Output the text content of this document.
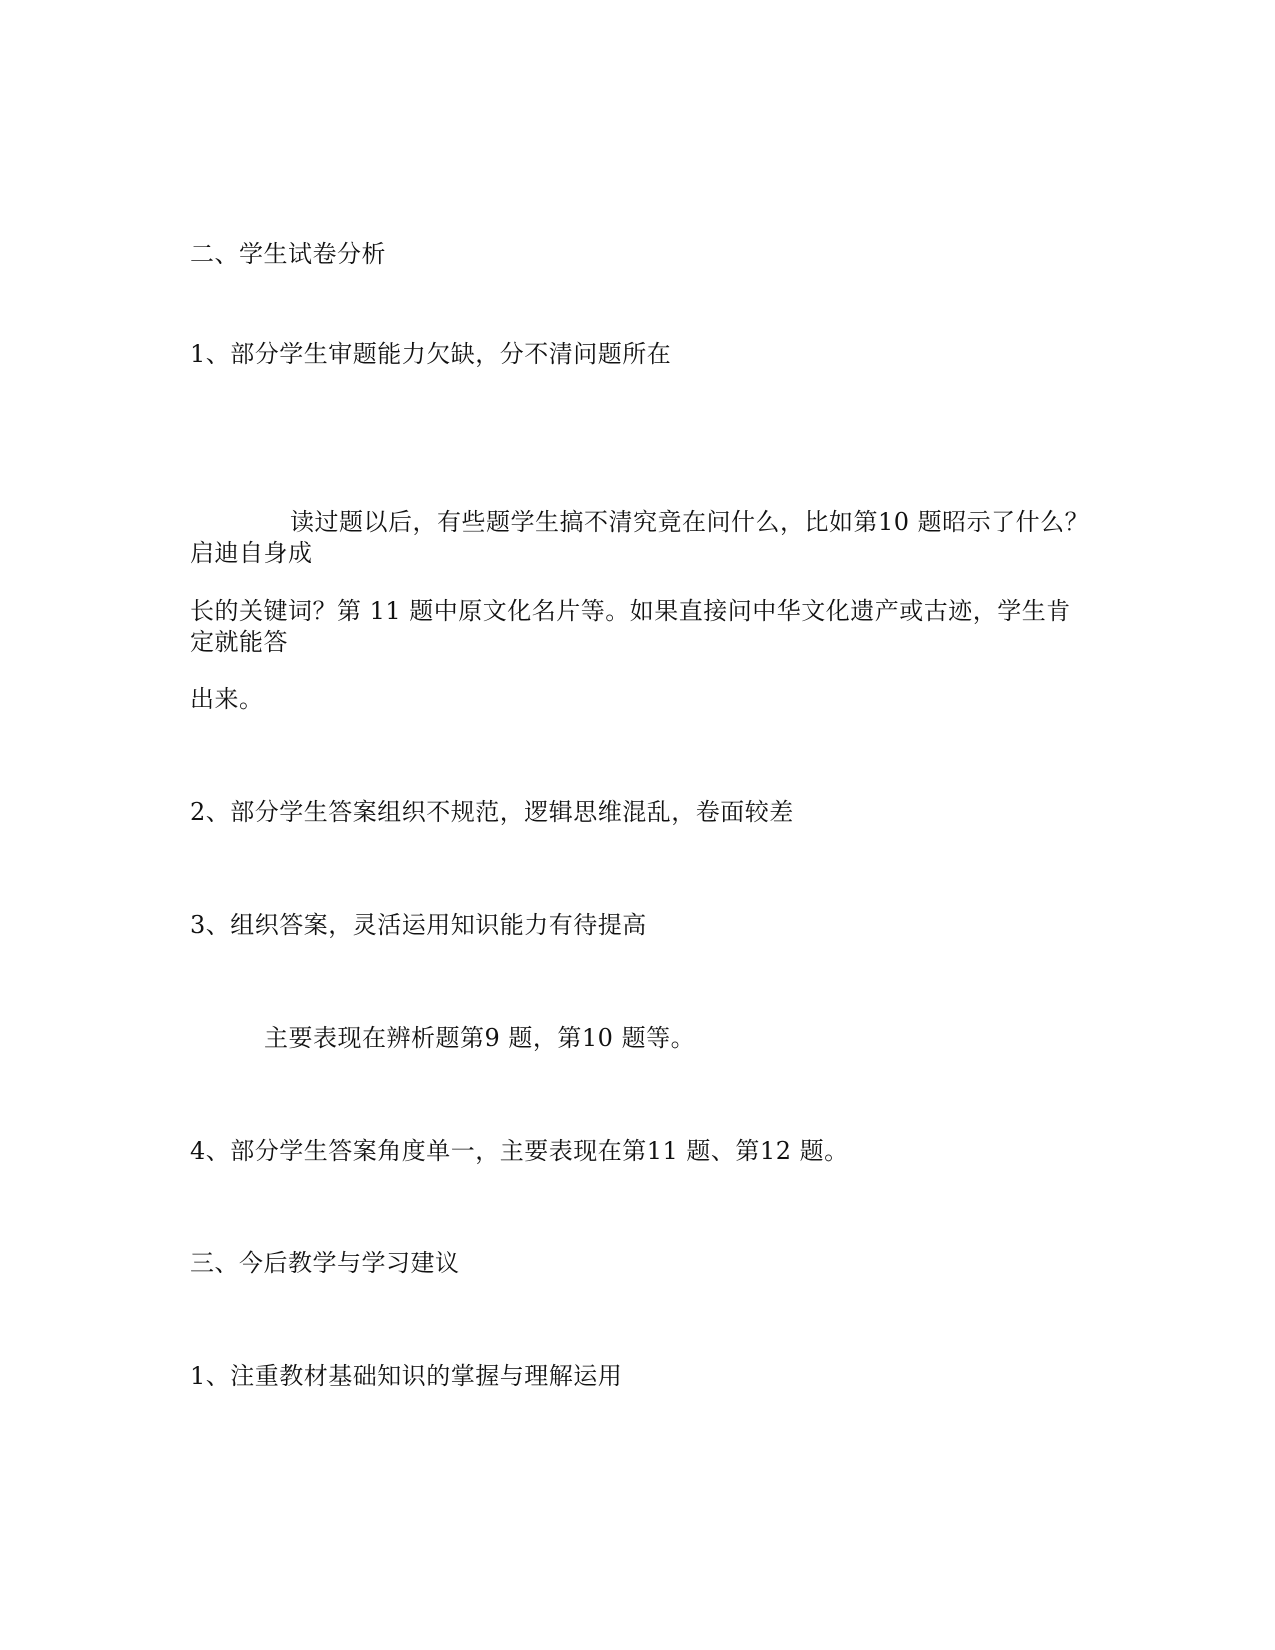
二、学生试卷分析
1、部分学生审题能力欠缺，分不清问题所在
读过题以后，有些题学生搞不清究竟在问什么，比如第10 题昭示了什么？
启迪自身成
长的关键词？第 11 题中原文化名片等。如果直接问中华文化遗产或古迹，学生肯
定就能答
出来。
2、部分学生答案组织不规范，逻辑思维混乱，卷面较差
3、组织答案，灵活运用知识能力有待提高
主要表现在辨析题第9 题，第10 题等。
4、部分学生答案角度单一，主要表现在第11 题、第12 题。
三、今后教学与学习建议
1、注重教材基础知识的掌握与理解运用
